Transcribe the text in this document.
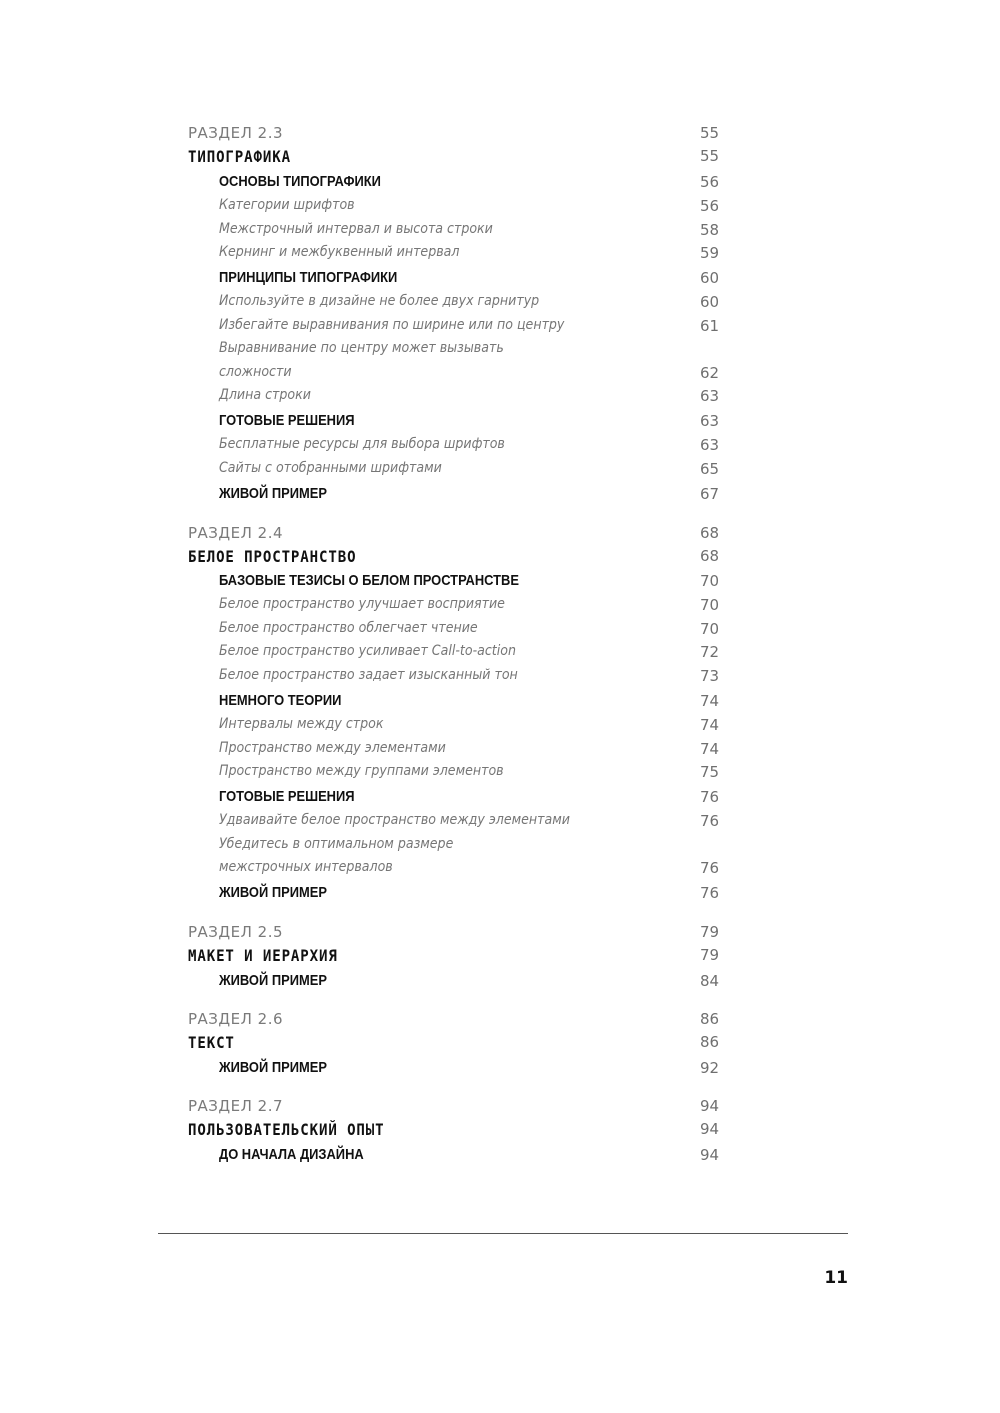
РАЗДЕЛ 2.3	55
ТИПОГРАФИКА	55
ОСНОВЫ ТИПОГРАФИКИ	56
Категории шрифтов	56
Межстрочный интервал и высота строки	58
Кернинг и межбуквенный интервал	59
ПРИНЦИПЫ ТИПОГРАФИКИ	60
Используйте в дизайне не более двух гарнитур	60
Избегайте выравнивания по ширине или по центру	61
Выравнивание по центру может вызывать
сложности	62
Длина строки	63
ГОТОВЫЕ РЕШЕНИЯ	63
Бесплатные ресурсы для выбора шрифтов	63
Сайты с отобранными шрифтами	65
ЖИВОЙ ПРИМЕР	67
РАЗДЕЛ 2.4	68
БЕЛОЕ ПРОСТРАНСТВО	68
БАЗОВЫЕ ТЕЗИСЫ О БЕЛОМ ПРОСТРАНСТВЕ	70
Белое пространство улучшает восприятие	70
Белое пространство облегчает чтение	70
Белое пространство усиливает Call-to-action	72
Белое пространство задает изысканный тон	73
НЕМНОГО ТЕОРИИ	74
Интервалы между строк	74
Пространство между элементами	74
Пространство между группами элементов	75
ГОТОВЫЕ РЕШЕНИЯ	76
Удваивайте белое пространство между элементами	76
Убедитесь в оптимальном размере
межстрочных интервалов	76
ЖИВОЙ ПРИМЕР	76
РАЗДЕЛ 2.5	79
МАКЕТ И ИЕРАРХИЯ	79
ЖИВОЙ ПРИМЕР	84
РАЗДЕЛ 2.6	86
ТЕКСТ	86
ЖИВОЙ ПРИМЕР	92
РАЗДЕЛ 2.7	94
ПОЛЬЗОВАТЕЛЬСКИЙ ОПЫТ	94
ДО НАЧАЛА ДИЗАЙНА	94
11
